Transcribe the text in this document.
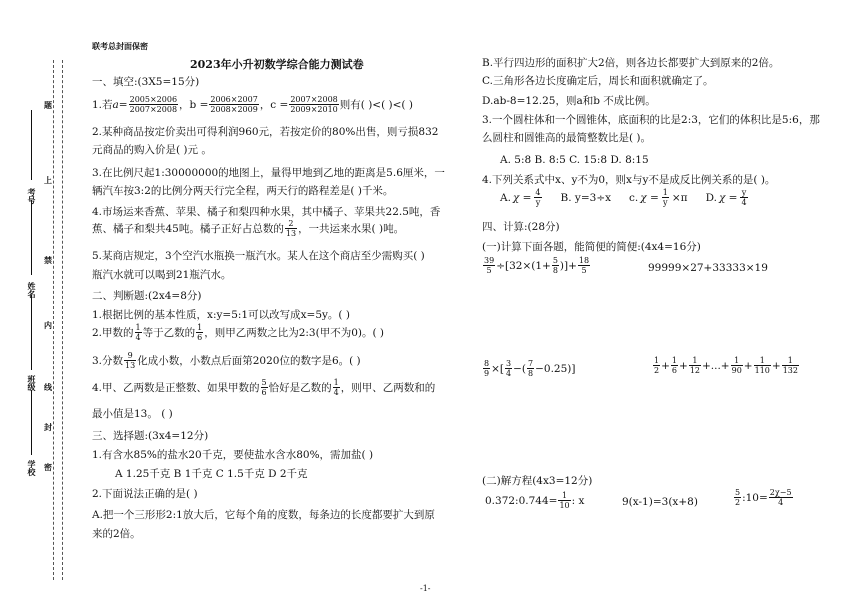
联考总封面保密
学校
班级
姓名
考号
题
上
禁
内
线
封
密
2023年小升初数学综合能力测试卷
一、填空:(3X5=15分)
1.若 $a = \frac{2005\times 2006}{2007\times 2008}$ ，$b = \frac{2006\times 2007}{2008\times 2009}$ ，$c = \frac{2007\times 2008}{2009\times 2010}$ 则有( )<( )<( )
2.某种商品按定价卖出可得利润960元，若按定价的80%出售，则亏损832
元商品的购入价是( )元 。
3.在比例尺起1:30000000的地图上，量得甲地到乙地的距离是5.6厘米，一
辆汽车按3:2的比例分两天行完全程，两天行的路程差是( )千米。
4.市场运来香蕉、苹果、橘子和梨四种水果，其中橘子、苹果共22.5吨，香
蕉、橘子和梨共45吨。橘子正好占总数的 $\frac{2}{13}$ ，一共运来水果( )吨。
5.某商店规定，3个空汽水瓶换一瓶汽水。某人在这个商店至少需购买( )
瓶汽水就可以喝到21瓶汽水。
二、判断题:(2x4=8分)
1.根据比例的基本性质，x:y=5:1可以改写成x=5y。( )
2.甲数的 $\frac{1}{4}$ 等于乙数的 $\frac{1}{6}$ ，则甲乙两数之比为2:3(甲不为0)。( )
3.分数 $\frac{9}{13}$ 化成小数，小数点后面第2020位的数字是6。( )
4.甲、乙两数是正整数、如果甲数的 $\frac{5}{6}$ 恰好是乙数的 $\frac{1}{4}$ ，则甲、乙两数和的
最小值是13。 ( )
三、选择题:(3x4=12分)
1.有含水85%的盐水20千克，要使盐水含水80%，需加盐( )
A 1.25千克 B 1千克 C 1.5千克 D 2千克
2.下面说法正确的是( )
A.把一个三形形2:1放大后，它每个角的度数，每条边的长度都要扩大到原
来的2倍。
B.平行四边形的面积扩大2倍，则各边长都要扩大到原来的2倍。
C.三角形各边长度确定后，周长和面积就确定了。
D.ab-8=12.25，则a和b 不成比例。
3.一个圆柱体和一个圆锥体，底面积的比是2:3，它们的体积比是5:6，那
么圆柱和圆锥高的最简整数比是( )。
A. 5:8 B. 8:5 C. 15:8 D. 8:15
4.下列关系式中x、y不为0，则x与y不是成反比例关系的是( )。
A. $\chi = \frac{4}{y} B$. y=3÷x c. $\chi = \frac{1}{y} \times\pi$ D. $\chi = \frac{y}{4}$
四、计算:(28分)
(一)计算下面各题，能简便的简便:(4x4=16分)
$\frac{39}{5} \div[32\times(1+ \frac{5}{8}$ )]+ $\frac{18}{5}$	99999×27+33333×19
$\frac{8}{9}$ ×[ $\frac{3}{4}$ −( $\frac{7}{8} -0.25$)]	$\frac{1}{2} + \frac{1}{6} + \frac{1}{12}$ +...+ $\frac{1}{90} + \frac{1}{110} + \frac{1}{132}$
(二)解方程(4x3=12分)
0.372:0.744= $\frac{1}{10}$ : x	9(x-1)=3(x+8)	$\frac{5}{2}$ :10= $\frac{2\chi-5}{4}$
-1-
